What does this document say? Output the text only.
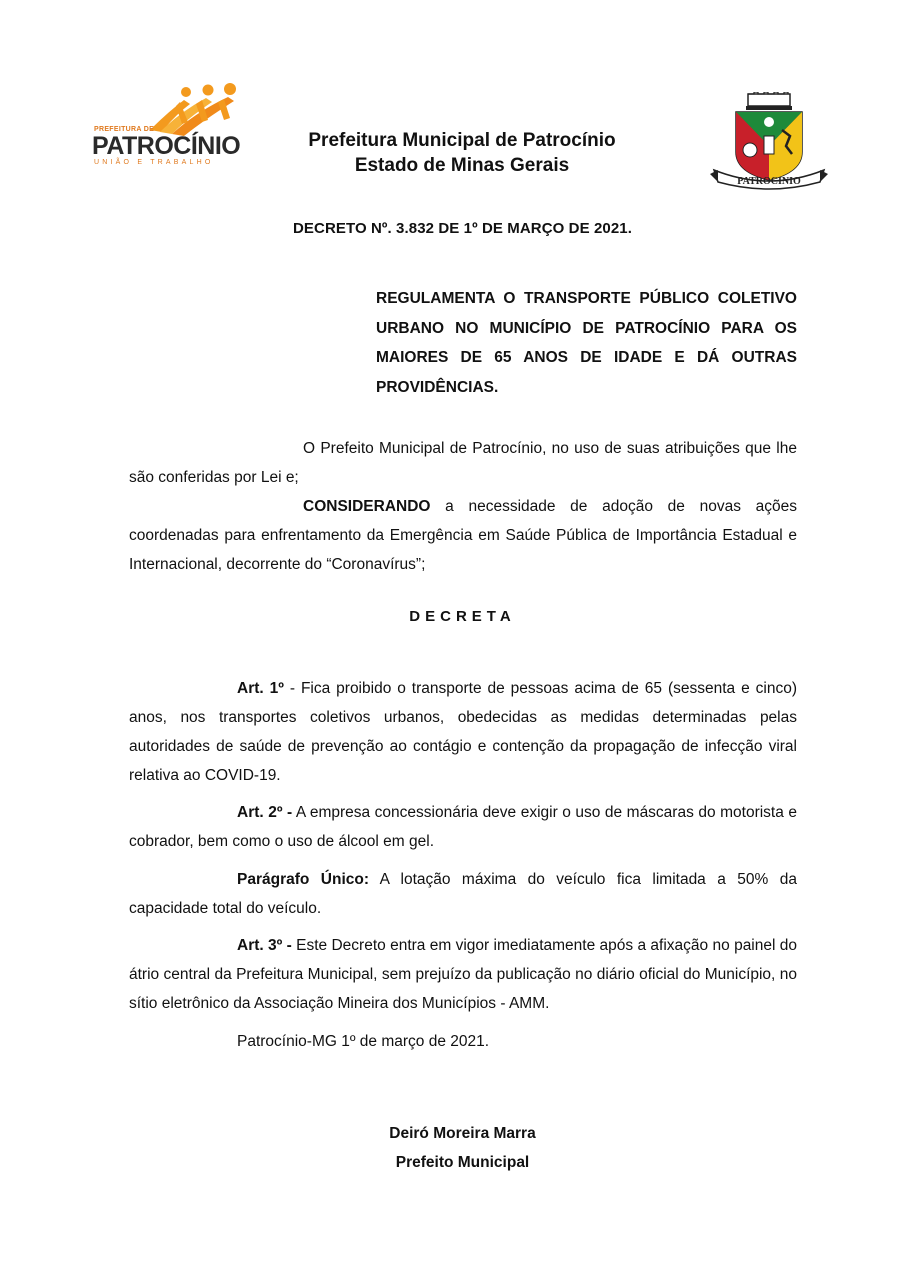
PREFEITURA DE
PATROCÍNIO
UNIÃO E TRABALHO
Prefeitura Municipal de Patrocínio
Estado de Minas Gerais
PATROCINIO
DECRETO Nº. 3.832 DE 1º DE MARÇO DE 2021.
REGULAMENTA O TRANSPORTE PÚBLICO COLETIVO URBANO NO MUNICÍPIO DE PATROCÍNIO PARA OS MAIORES DE 65 ANOS DE IDADE E DÁ OUTRAS PROVIDÊNCIAS.
O Prefeito Municipal de Patrocínio, no uso de suas atribuições que lhe são conferidas por Lei e;
CONSIDERANDO a necessidade de adoção de novas ações coordenadas para enfrentamento da Emergência em Saúde Pública de Importância Estadual e Internacional, decorrente do “Coronavírus”;
DECRETA
Art. 1º - Fica proibido o transporte de pessoas acima de 65 (sessenta e cinco) anos, nos transportes coletivos urbanos, obedecidas as medidas determinadas pelas autoridades de saúde de prevenção ao contágio e contenção da propagação de infecção viral relativa ao COVID-19.
Art. 2º - A empresa concessionária deve exigir o uso de máscaras do motorista e cobrador, bem como o uso de álcool em gel.
Parágrafo Único: A lotação máxima do veículo fica limitada a 50% da capacidade total do veículo.
Art. 3º - Este Decreto entra em vigor imediatamente após a afixação no painel do átrio central da Prefeitura Municipal, sem prejuízo da publicação no diário oficial do Município, no sítio eletrônico da Associação Mineira dos Municípios - AMM.
Patrocínio-MG 1º de março de 2021.
Deiró Moreira Marra
Prefeito Municipal
